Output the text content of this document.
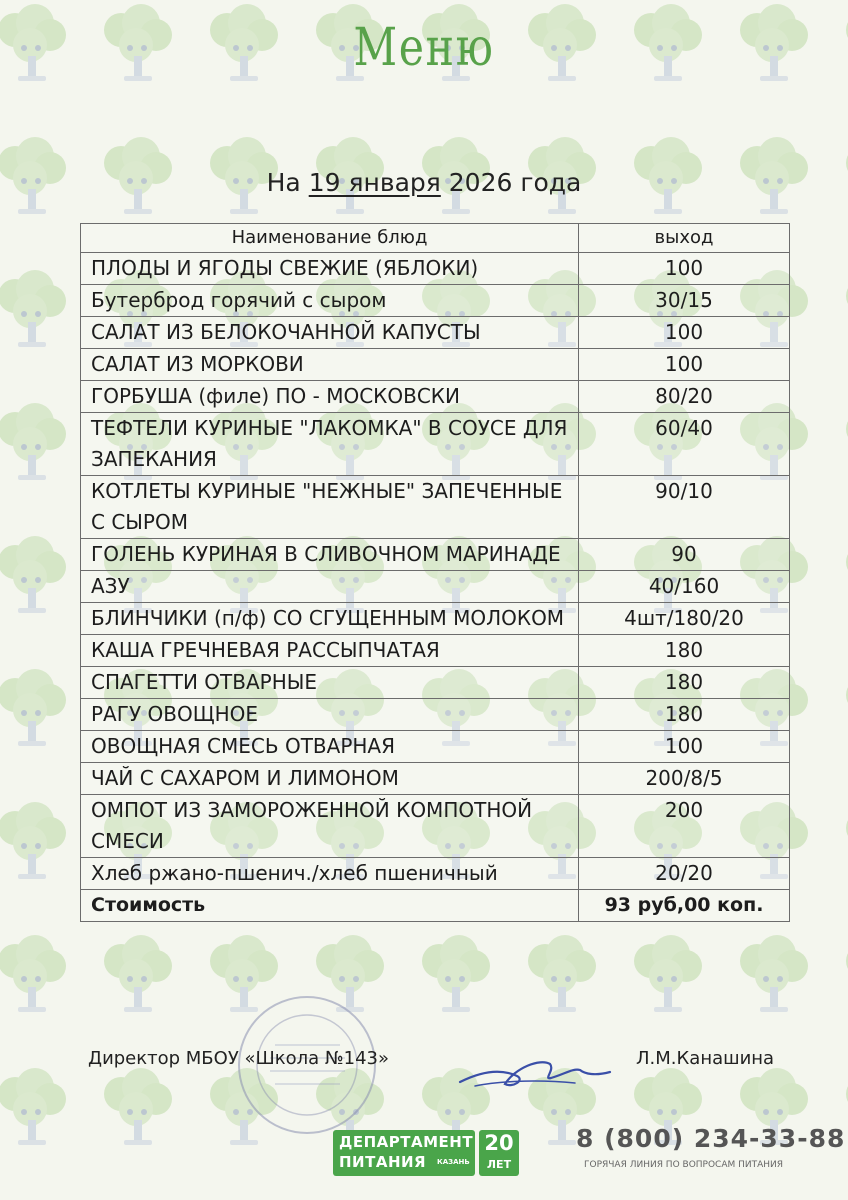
Меню
На 19 января 2026 года
Наименование блюд	выход
ПЛОДЫ И ЯГОДЫ СВЕЖИЕ (ЯБЛОКИ)	100
Бутерброд горячий с сыром	30/15
САЛАТ ИЗ БЕЛОКОЧАННОЙ КАПУСТЫ	100
САЛАТ ИЗ МОРКОВИ	100
ГОРБУША (филе) ПО - МОСКОВСКИ	80/20
ТЕФТЕЛИ КУРИНЫЕ "ЛАКОМКА" В СОУСЕ ДЛЯ ЗАПЕКАНИЯ	60/40
КОТЛЕТЫ КУРИНЫЕ "НЕЖНЫЕ" ЗАПЕЧЕННЫЕ С СЫРОМ	90/10
ГОЛЕНЬ КУРИНАЯ В СЛИВОЧНОМ МАРИНАДЕ	90
АЗУ	40/160
БЛИНЧИКИ (п/ф) СО СГУЩЕННЫМ МОЛОКОМ	4шт/180/20
КАША ГРЕЧНЕВАЯ РАССЫПЧАТАЯ	180
СПАГЕТТИ ОТВАРНЫЕ	180
РАГУ ОВОЩНОЕ	180
ОВОЩНАЯ СМЕСЬ ОТВАРНАЯ	100
ЧАЙ С САХАРОМ И ЛИМОНОМ	200/8/5
ОМПОТ ИЗ ЗАМОРОЖЕННОЙ КОМПОТНОЙ СМЕСИ	200
Хлеб ржано-пшенич./хлеб пшеничный	20/20
Стоимость	93 руб,00 коп.
Директор МБОУ «Школа №143»	Л.М.Канашина
ДЕПАРТАМЕНТ
ПИТАНИЯ КАЗАНЬ
20
ЛЕТ
8 (800) 234-33-88
ГОРЯЧАЯ ЛИНИЯ ПО ВОПРОСАМ ПИТАНИЯ
